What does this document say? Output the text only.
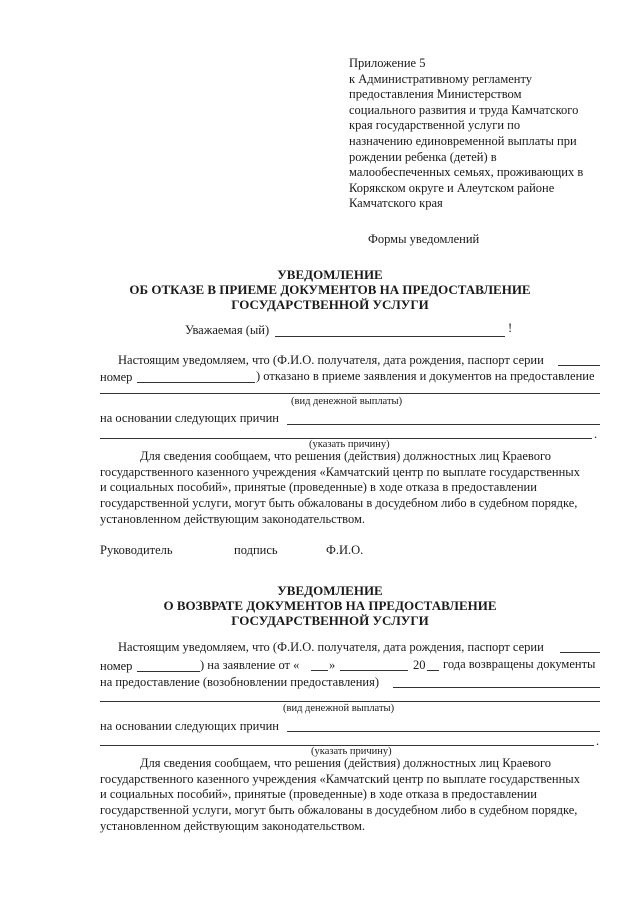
Приложение 5
к Административному регламенту
предоставления Министерством
социального развития и труда Камчатского
края государственной услуги по
назначению единовременной выплаты при
рождении ребенка (детей) в
малообеспеченных семьях, проживающих в
Корякском округе и Алеутском районе
Камчатского края
Формы уведомлений
УВЕДОМЛЕНИЕ
ОБ ОТКАЗЕ В ПРИЕМЕ ДОКУМЕНТОВ НА ПРЕДОСТАВЛЕНИЕ
ГОСУДАРСТВЕННОЙ УСЛУГИ
Уважаемая (ый)	!
Настоящим уведомляем, что (Ф.И.О. получателя, дата рождения, паспорт серии
номер	) отказано в приеме заявления и документов на предоставление
(вид денежной выплаты)
на основании следующих причин
.
(указать причину)
Для сведения сообщаем, что решения (действия) должностных лиц Краевого
государственного казенного учреждения «Камчатский центр по выплате государственных
и социальных пособий», принятые (проведенные) в ходе отказа в предоставлении
государственной услуги, могут быть обжалованы в досудебном либо в судебном порядке,
установленном действующим законодательством.
Руководитель	подпись	Ф.И.О.
УВЕДОМЛЕНИЕ
О ВОЗВРАТЕ ДОКУМЕНТОВ НА ПРЕДОСТАВЛЕНИЕ
ГОСУДАРСТВЕННОЙ УСЛУГИ
Настоящим уведомляем, что (Ф.И.О. получателя, дата рождения, паспорт серии
номер	) на заявление от « »	20 года возвращены документы
на предоставление (возобновлении предоставления)
(вид денежной выплаты)
на основании следующих причин
.
(указать причину)
Для сведения сообщаем, что решения (действия) должностных лиц Краевого
государственного казенного учреждения «Камчатский центр по выплате государственных
и социальных пособий», принятые (проведенные) в ходе отказа в предоставлении
государственной услуги, могут быть обжалованы в досудебном либо в судебном порядке,
установленном действующим законодательством.
